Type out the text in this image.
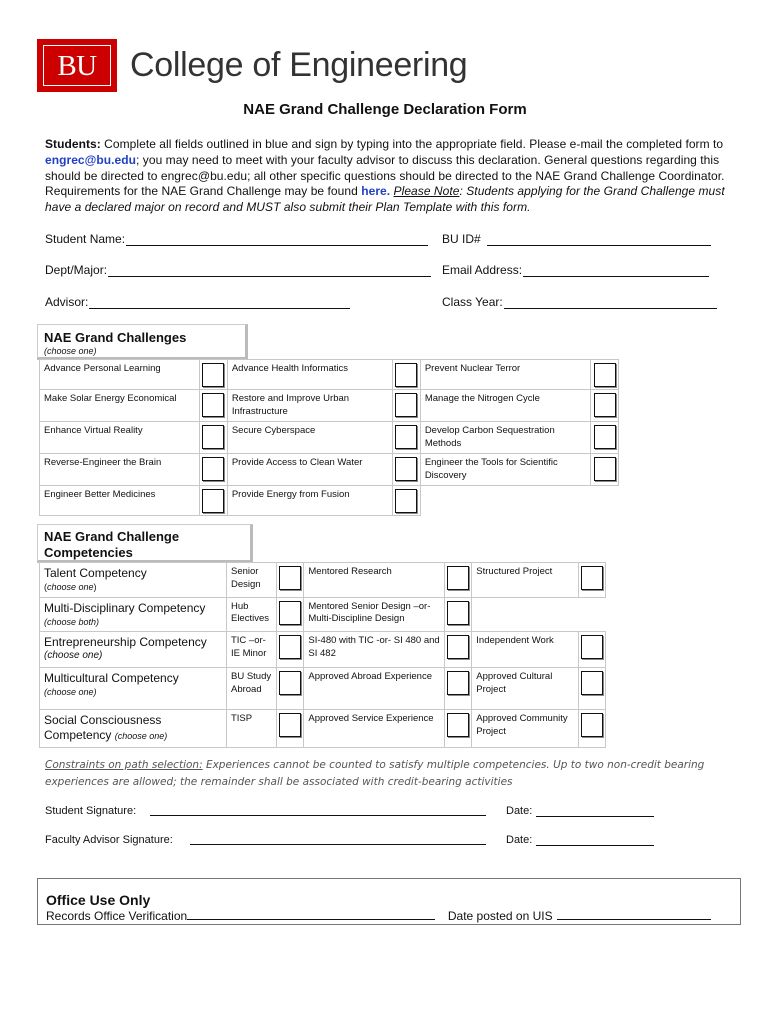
BU College of Engineering
NAE Grand Challenge Declaration Form
Students: Complete all fields outlined in blue and sign by typing into the appropriate field. Please e-mail the completed form to engrec@bu.edu; you may need to meet with your faculty advisor to discuss this declaration. General questions regarding this should be directed to engrec@bu.edu; all other specific questions should be directed to the NAE Grand Challenge Coordinator. Requirements for the NAE Grand Challenge may be found here. Please Note: Students applying for the Grand Challenge must have a declared major on record and MUST also submit their Plan Template with this form.
Student Name:	BU ID#
Dept/Major:	Email Address:
Advisor:	Class Year:
NAE Grand Challenges
(choose one)
Advance Personal Learning		Advance Health Informatics		Prevent Nuclear Terror	

Make Solar Energy Economical		Restore and Improve Urban Infrastructure		Manage the Nitrogen Cycle	

Enhance Virtual Reality		Secure Cyberspace		Develop Carbon Sequestration Methods	

Reverse-Engineer the Brain		Provide Access to Clean Water		Engineer the Tools for Scientific Discovery	

Engineer Better Medicines		Provide Energy from Fusion	

NAE Grand Challenge
Competencies
Talent Competency
(choose one)	Senior Design		Mentored Research		Structured Project	

Multi-Disciplinary Competency
(choose both)	Hub Electives		Mentored Senior Design –or- Multi-Discipline Design	

Entrepreneurship Competency
(choose one)	TIC –or- IE Minor		SI-480 with TIC -or- SI 480 and SI 482		Independent Work	

Multicultural Competency
(choose one)	BU Study Abroad		Approved Abroad Experience		Approved Cultural Project	

Social Consciousness Competency (choose one)	TISP		Approved Service Experience		Approved Community Project	
Constraints on path selection: Experiences cannot be counted to satisfy multiple competencies. Up to two non-credit bearing experiences are allowed; the remainder shall be associated with credit-bearing activities
Student Signature:	Date:
Faculty Advisor Signature:	Date:
Office Use Only
Records Office Verification	Date posted on UIS
